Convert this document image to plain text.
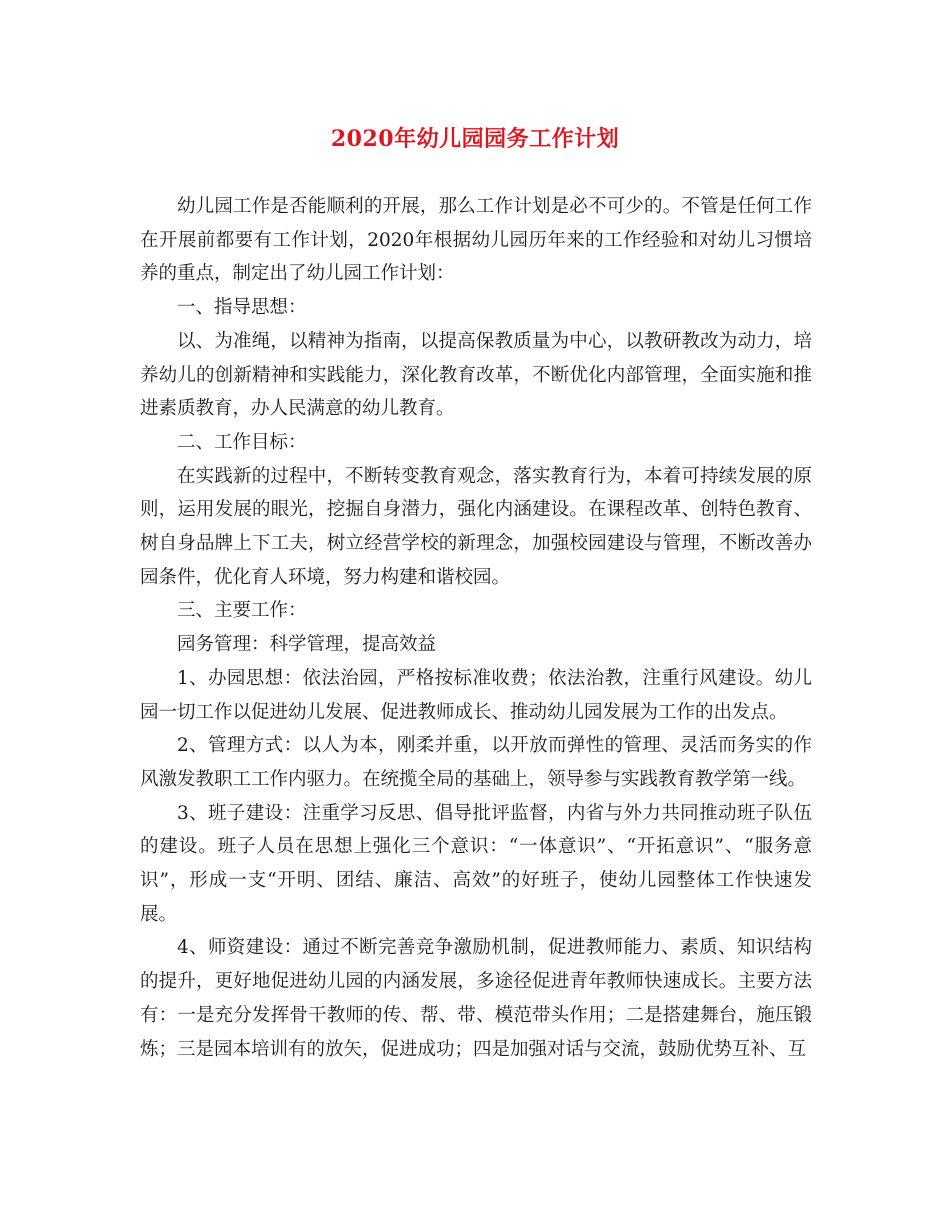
2020年幼儿园园务工作计划

幼儿园工作是否能顺利的开展，那么工作计划是必不可少的。不管是任何工作在开展前都要有工作计划，2020年根据幼儿园历年来的工作经验和对幼儿习惯培养的重点，制定出了幼儿园工作计划：

一、指导思想：

以、为准绳，以精神为指南，以提高保教质量为中心，以教研教改为动力，培养幼儿的创新精神和实践能力，深化教育改革，不断优化内部管理，全面实施和推进素质教育，办人民满意的幼儿教育。

二、工作目标：

在实践新的过程中，不断转变教育观念，落实教育行为，本着可持续发展的原则，运用发展的眼光，挖掘自身潜力，强化内涵建设。在课程改革、创特色教育、树自身品牌上下工夫，树立经营学校的新理念，加强校园建设与管理，不断改善办园条件，优化育人环境，努力构建和谐校园。

三、主要工作：

园务管理：科学管理，提高效益

1、办园思想：依法治园，严格按标准收费；依法治教，注重行风建设。幼儿园一切工作以促进幼儿发展、促进教师成长、推动幼儿园发展为工作的出发点。

2、管理方式：以人为本，刚柔并重，以开放而弹性的管理、灵活而务实的作风激发教职工工作内驱力。在统揽全局的基础上，领导参与实践教育教学第一线。

3、班子建设：注重学习反思、倡导批评监督，内省与外力共同推动班子队伍的建设。班子人员在思想上强化三个意识：“一体意识”、“开拓意识”、“服务意识”，形成一支“开明、团结、廉洁、高效”的好班子，使幼儿园整体工作快速发展。

4、师资建设：通过不断完善竞争激励机制，促进教师能力、素质、知识结构的提升，更好地促进幼儿园的内涵发展，多途径促进青年教师快速成长。主要方法有：一是充分发挥骨干教师的传、帮、带、模范带头作用；二是搭建舞台，施压锻炼；三是园本培训有的放矢，促进成功；四是加强对话与交流，鼓励优势互补、互
